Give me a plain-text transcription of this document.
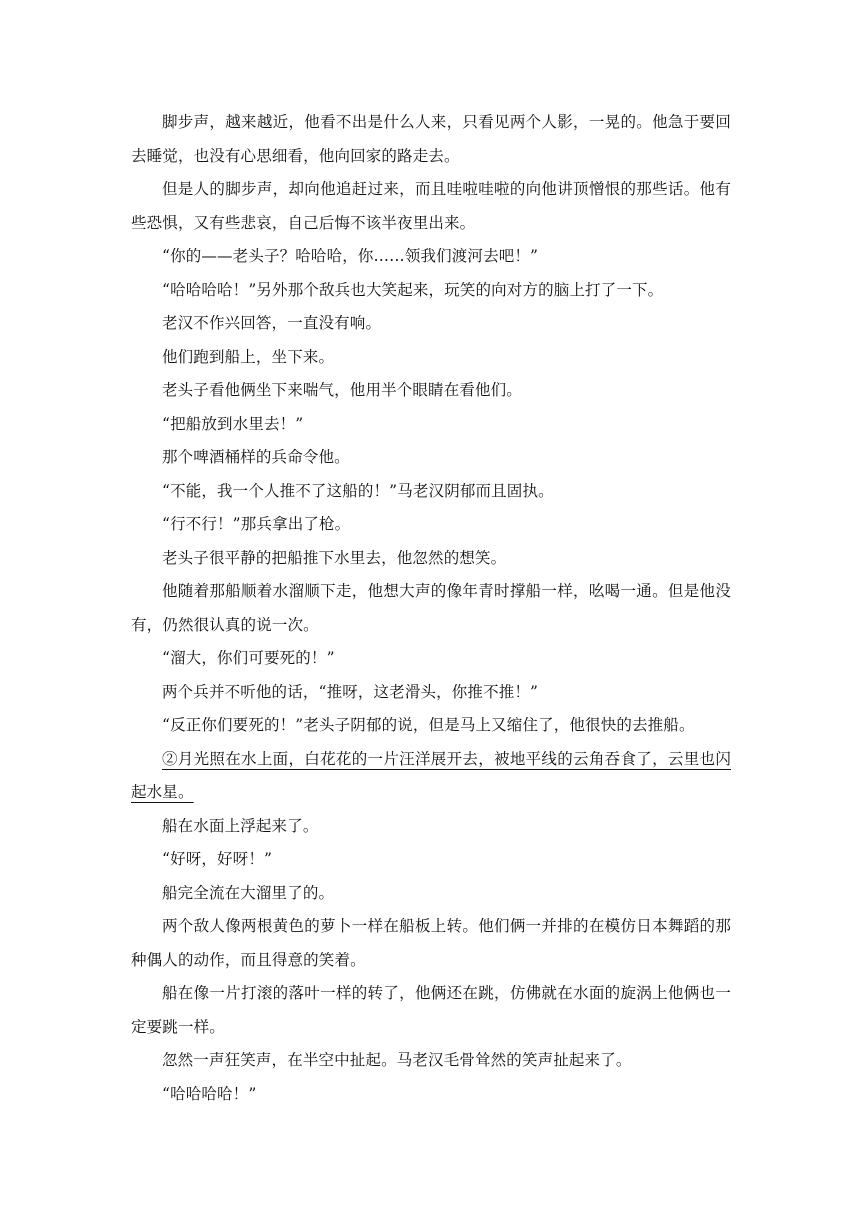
脚步声，越来越近，他看不出是什么人来，只看见两个人影，一晃的。他急于要回去睡觉，也没有心思细看，他向回家的路走去。

但是人的脚步声，却向他追赶过来，而且哇啦哇啦的向他讲顶憎恨的那些话。他有些恐惧，又有些悲哀，自己后悔不该半夜里出来。

“你的——老头子？哈哈哈，你……领我们渡河去吧！”

“哈哈哈哈！”另外那个敌兵也大笑起来，玩笑的向对方的脑上打了一下。

老汉不作兴回答，一直没有响。

他们跑到船上，坐下来。

老头子看他俩坐下来喘气，他用半个眼睛在看他们。

“把船放到水里去！”

那个啤酒桶样的兵命令他。

“不能，我一个人推不了这船的！”马老汉阴郁而且固执。

“行不行！”那兵拿出了枪。

老头子很平静的把船推下水里去，他忽然的想笑。

他随着那船顺着水溜顺下走，他想大声的像年青时撑船一样，吆喝一通。但是他没有，仍然很认真的说一次。

“溜大，你们可要死的！”

两个兵并不听他的话，“推呀，这老滑头，你推不推！”

“反正你们要死的！”老头子阴郁的说，但是马上又缩住了，他很快的去推船。

②月光照在水上面，白花花的一片汪洋展开去，被地平线的云角吞食了，云里也闪起水星。

船在水面上浮起来了。

“好呀，好呀！”

船完全流在大溜里了的。

两个敌人像两根黄色的萝卜一样在船板上转。他们俩一并排的在模仿日本舞蹈的那种偶人的动作，而且得意的笑着。

船在像一片打滚的落叶一样的转了，他俩还在跳，仿佛就在水面的旋涡上他俩也一定要跳一样。

忽然一声狂笑声，在半空中扯起。马老汉毛骨耸然的笑声扯起来了。

“哈哈哈哈！”
